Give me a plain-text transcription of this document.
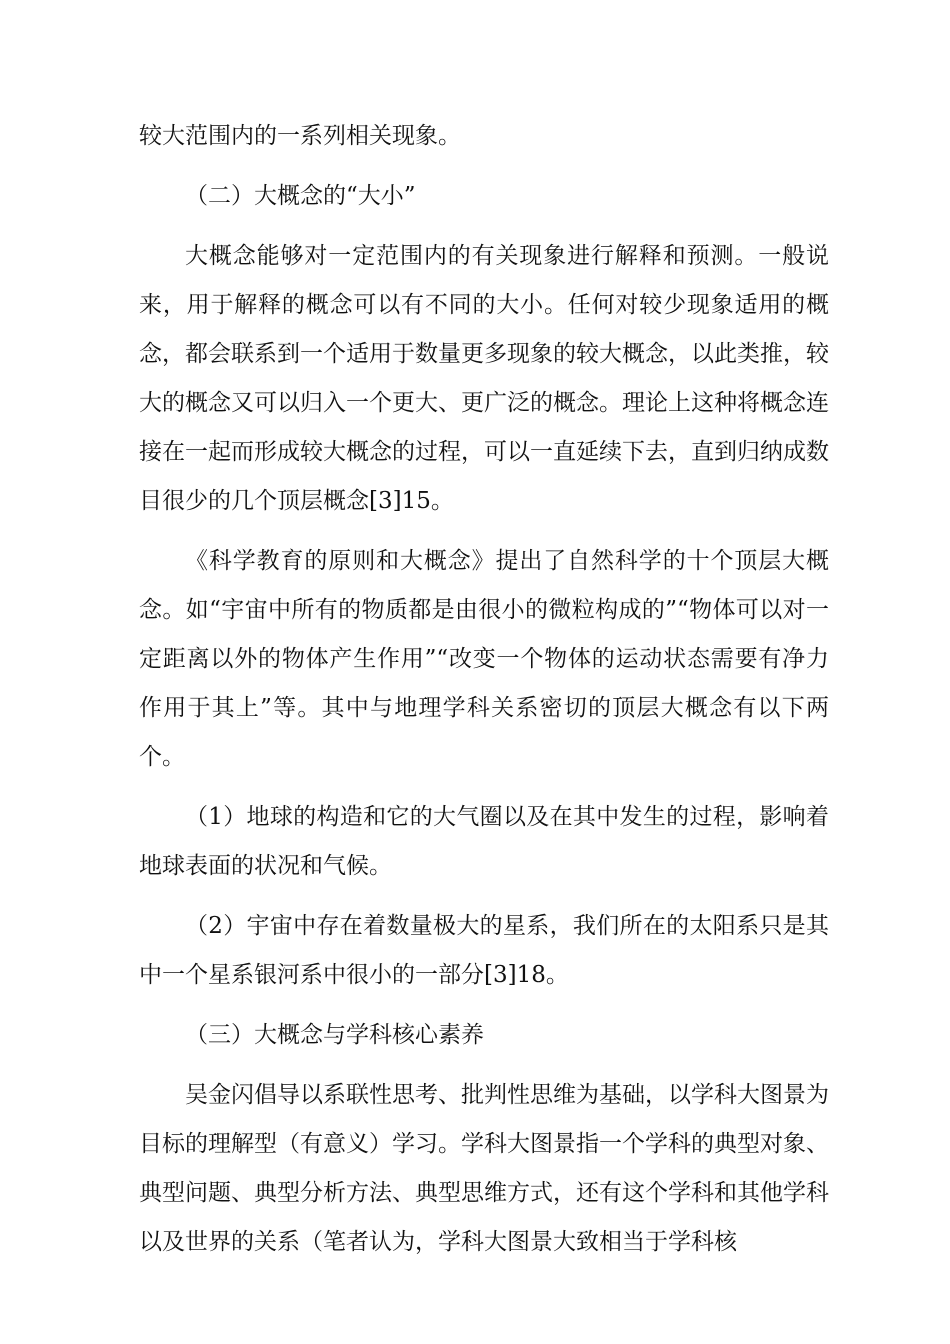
较大范围内的一系列相关现象。

（二）大概念的“大小”

大概念能够对一定范围内的有关现象进行解释和预测。一般说来，用于解释的概念可以有不同的大小。任何对较少现象适用的概念，都会联系到一个适用于数量更多现象的较大概念，以此类推，较大的概念又可以归入一个更大、更广泛的概念。理论上这种将概念连接在一起而形成较大概念的过程，可以一直延续下去，直到归纳成数目很少的几个顶层概念[3]15。

《科学教育的原则和大概念》提出了自然科学的十个顶层大概念。如“宇宙中所有的物质都是由很小的微粒构成的”“物体可以对一定距离以外的物体产生作用”“改变一个物体的运动状态需要有净力作用于其上”等。其中与地理学科关系密切的顶层大概念有以下两个。

（1）地球的构造和它的大气圈以及在其中发生的过程，影响着地球表面的状况和气候。

（2）宇宙中存在着数量极大的星系，我们所在的太阳系只是其中一个星系银河系中很小的一部分[3]18。

（三）大概念与学科核心素养

吴金闪倡导以系联性思考、批判性思维为基础，以学科大图景为目标的理解型（有意义）学习。学科大图景指一个学科的典型对象、典型问题、典型分析方法、典型思维方式，还有这个学科和其他学科以及世界的关系（笔者认为，学科大图景大致相当于学科核
